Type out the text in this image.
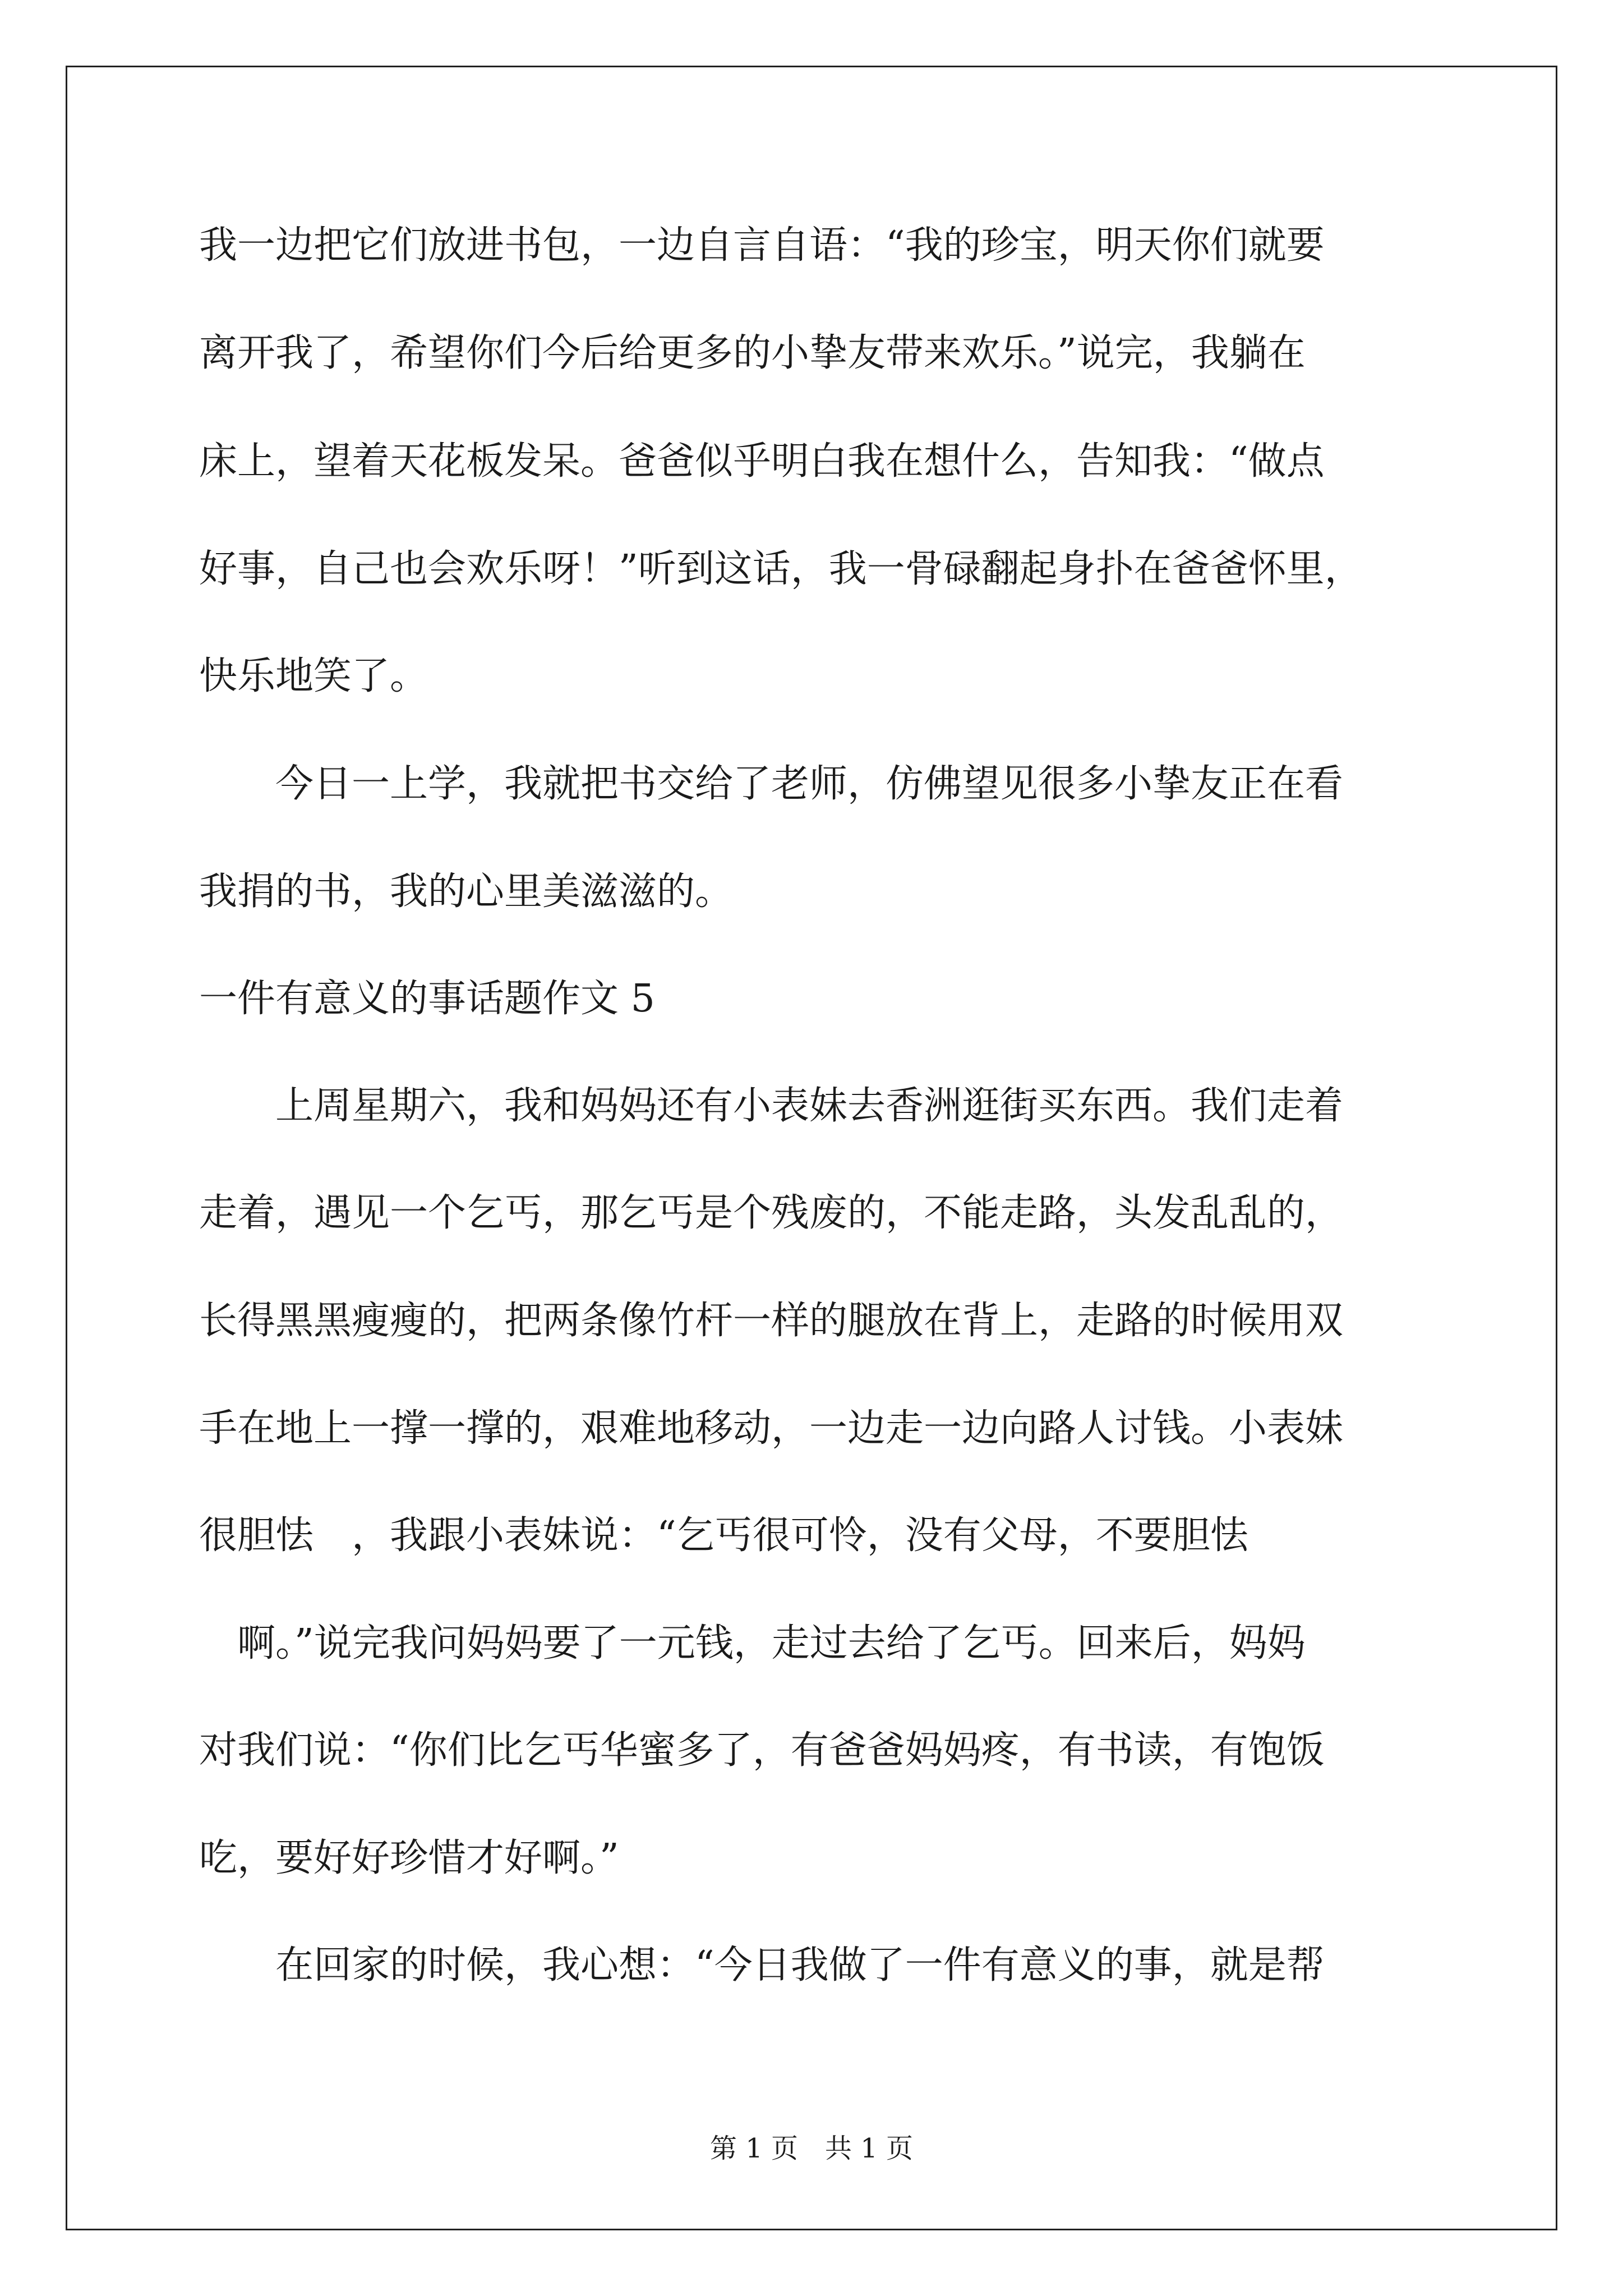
我一边把它们放进书包，一边自言自语：“我的珍宝，明天你们就要
离开我了，希望你们今后给更多的小挚友带来欢乐。”说完，我躺在
床上，望着天花板发呆。爸爸似乎明白我在想什么，告知我：“做点
好事，自己也会欢乐呀！”听到这话，我一骨碌翻起身扑在爸爸怀里，
快乐地笑了。
　　今日一上学，我就把书交给了老师，仿佛望见很多小挚友正在看
我捐的书，我的心里美滋滋的。
一件有意义的事话题作文 5
　　上周星期六，我和妈妈还有小表妹去香洲逛街买东西。我们走着
走着，遇见一个乞丐，那乞丐是个残废的，不能走路，头发乱乱的，
长得黑黑瘦瘦的，把两条像竹杆一样的腿放在背上，走路的时候用双
手在地上一撑一撑的，艰难地移动，一边走一边向路人讨钱。小表妹
很胆怯　，我跟小表妹说：“乞丐很可怜，没有父母，不要胆怯
　啊。”说完我问妈妈要了一元钱，走过去给了乞丐。回来后，妈妈
对我们说：“你们比乞丐华蜜多了，有爸爸妈妈疼，有书读，有饱饭
吃，要好好珍惜才好啊。”
　　在回家的时候，我心想：“今日我做了一件有意义的事，就是帮
第 1 页　共 1 页
